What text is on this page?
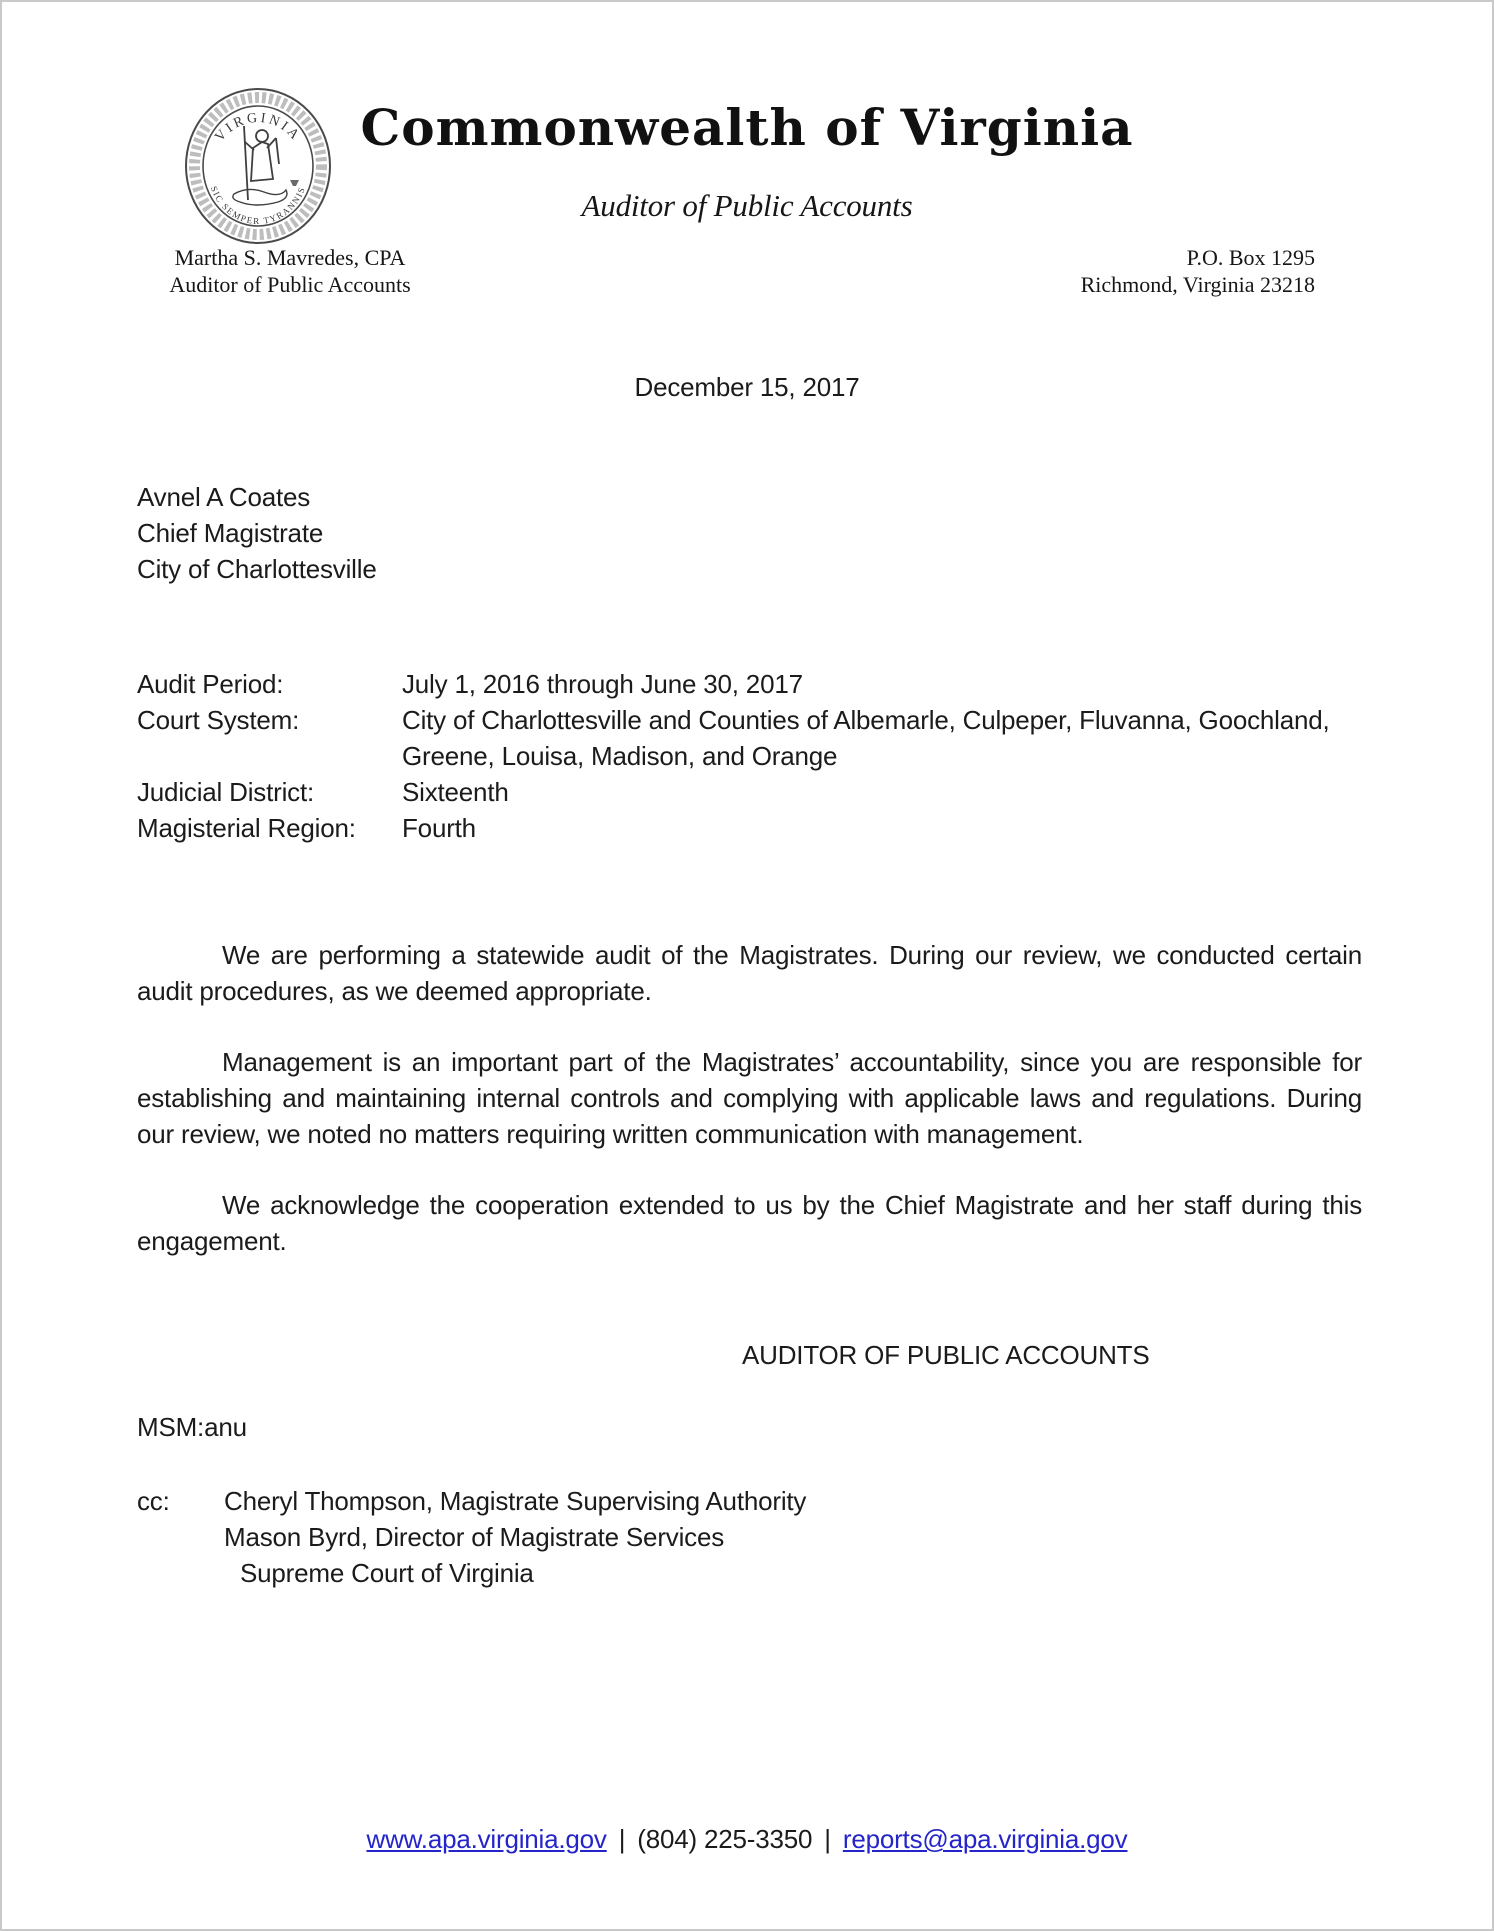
VIRGINIA
SIC SEMPER TYRANNIS
Commonwealth of Virginia
Auditor of Public Accounts
Martha S. Mavredes, CPA
Auditor of Public Accounts
P.O. Box 1295
Richmond, Virginia 23218
December 15, 2017
Avnel A Coates
Chief Magistrate
City of Charlottesville
Audit Period:	July 1, 2016 through June 30, 2017
Court System:	City of Charlottesville and Counties of Albemarle, Culpeper, Fluvanna, Goochland, Greene, Louisa, Madison, and Orange
Judicial District:	Sixteenth
Magisterial Region:	Fourth

We are performing a statewide audit of the Magistrates. During our review, we conducted certain audit procedures, as we deemed appropriate.

Management is an important part of the Magistrates’ accountability, since you are responsible for establishing and maintaining internal controls and complying with applicable laws and regulations. During our review, we noted no matters requiring written communication with management.

We acknowledge the cooperation extended to us by the Chief Magistrate and her staff during this engagement.

AUDITOR OF PUBLIC ACCOUNTS
MSM:anu
cc:	Cheryl Thompson, Magistrate Supervising Authority
Mason Byrd, Director of Magistrate Services
Supreme Court of Virginia
www.apa.virginia.gov | (804) 225-3350 | reports@apa.virginia.gov
